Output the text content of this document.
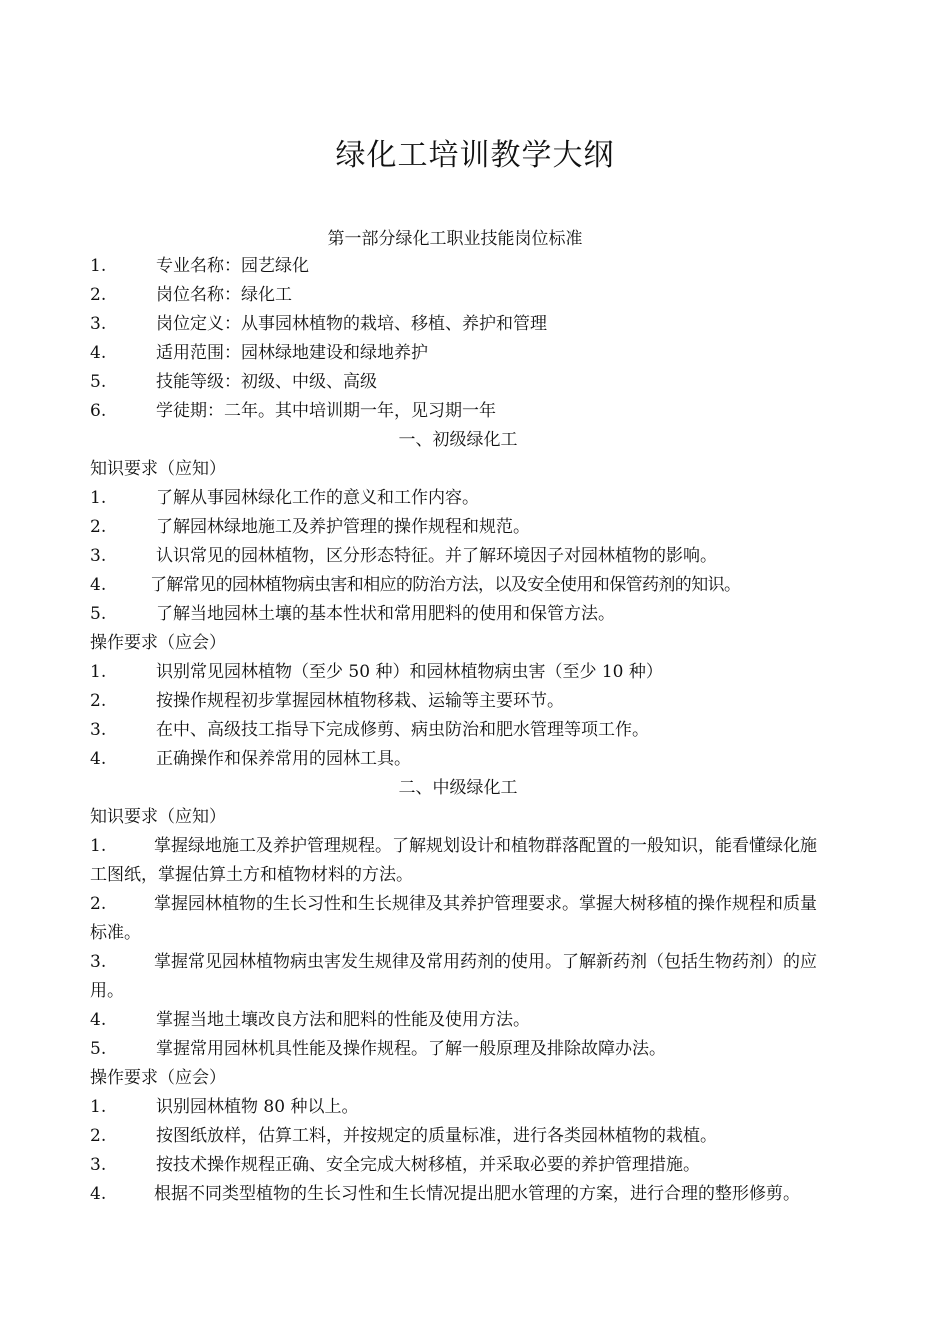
绿化工培训教学大纲
第一部分绿化工职业技能岗位标准
1.	专业名称：园艺绿化
2.	岗位名称：绿化工
3.	岗位定义：从事园林植物的栽培、移植、养护和管理
4.	适用范围：园林绿地建设和绿地养护
5.	技能等级：初级、中级、高级
6.	学徒期：二年。其中培训期一年，见习期一年
一、初级绿化工
知识要求（应知）
1.	了解从事园林绿化工作的意义和工作内容。
2.	了解园林绿地施工及养护管理的操作规程和规范。
3.	认识常见的园林植物，区分形态特征。并了解环境因子对园林植物的影响。
4.	了解常见的园林植物病虫害和相应的防治方法，以及安全使用和保管药剂的知识。
5.	了解当地园林土壤的基本性状和常用肥料的使用和保管方法。
操作要求（应会）
1.	识别常见园林植物（至少 50 种）和园林植物病虫害（至少 10 种）
2.	按操作规程初步掌握园林植物移栽、运输等主要环节。
3.	在中、高级技工指导下完成修剪、病虫防治和肥水管理等项工作。
4.	正确操作和保养常用的园林工具。
二、中级绿化工
知识要求（应知）
1.	掌握绿地施工及养护管理规程。了解规划设计和植物群落配置的一般知识，能看懂绿化施工图纸，掌握估算土方和植物材料的方法。
2.	掌握园林植物的生长习性和生长规律及其养护管理要求。掌握大树移植的操作规程和质量标准。
3.	掌握常见园林植物病虫害发生规律及常用药剂的使用。了解新药剂（包括生物药剂）的应用。
4.	掌握当地土壤改良方法和肥料的性能及使用方法。
5.	掌握常用园林机具性能及操作规程。了解一般原理及排除故障办法。
操作要求（应会）
1.	识别园林植物 80 种以上。
2.	按图纸放样，估算工料，并按规定的质量标准，进行各类园林植物的栽植。
3.	按技术操作规程正确、安全完成大树移植，并采取必要的养护管理措施。
4.	根据不同类型植物的生长习性和生长情况提出肥水管理的方案，进行合理的整形修剪。
